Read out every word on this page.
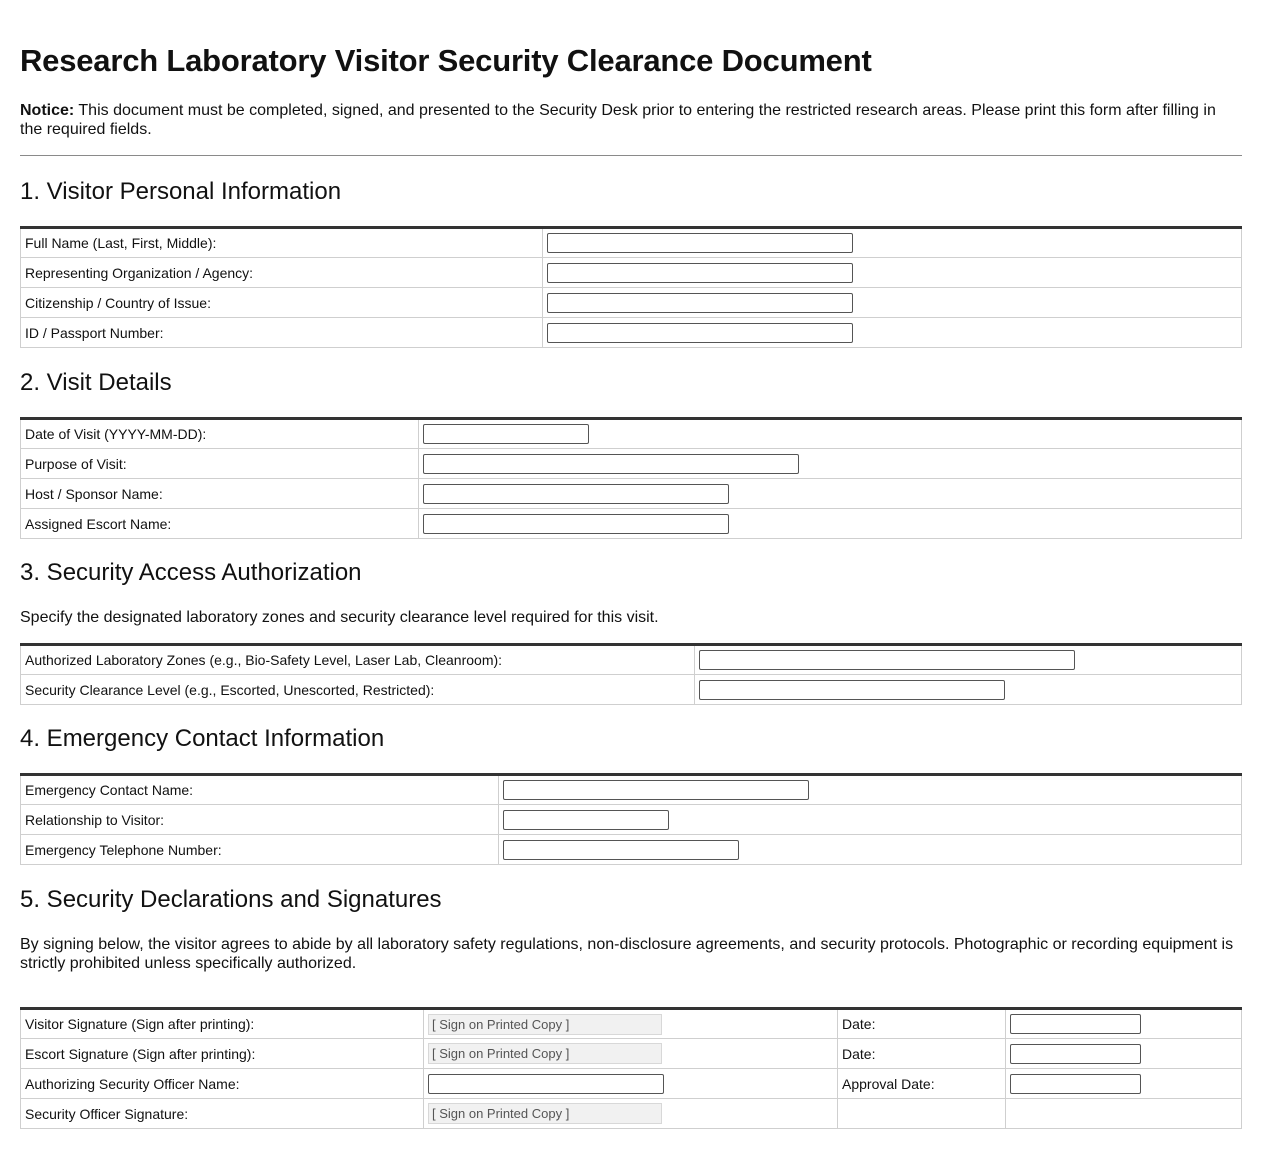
Research Laboratory Visitor Security Clearance Document
Notice: This document must be completed, signed, and presented to the Security Desk prior to entering the restricted research areas. Please print this form after filling in the required fields.
1. Visitor Personal Information
Full Name (Last, First, Middle):	

Representing Organization / Agency:	

Citizenship / Country of Issue:	

ID / Passport Number:	
2. Visit Details
Date of Visit (YYYY-MM-DD):	

Purpose of Visit:	

Host / Sponsor Name:	

Assigned Escort Name:	
3. Security Access Authorization
Specify the designated laboratory zones and security clearance level required for this visit.
Authorized Laboratory Zones (e.g., Bio-Safety Level, Laser Lab, Cleanroom):	

Security Clearance Level (e.g., Escorted, Unescorted, Restricted):	
4. Emergency Contact Information
Emergency Contact Name:	

Relationship to Visitor:	

Emergency Telephone Number:	
5. Security Declarations and Signatures
By signing below, the visitor agrees to abide by all laboratory safety regulations, non-disclosure agreements, and security protocols. Photographic or recording equipment is strictly prohibited unless specifically authorized.
Visitor Signature (Sign after printing):	[ Sign on Printed Copy ]	Date:	

Escort Signature (Sign after printing):	[ Sign on Printed Copy ]	Date:	

Authorizing Security Officer Name:		Approval Date:	

Security Officer Signature:	[ Sign on Printed Copy ]		
